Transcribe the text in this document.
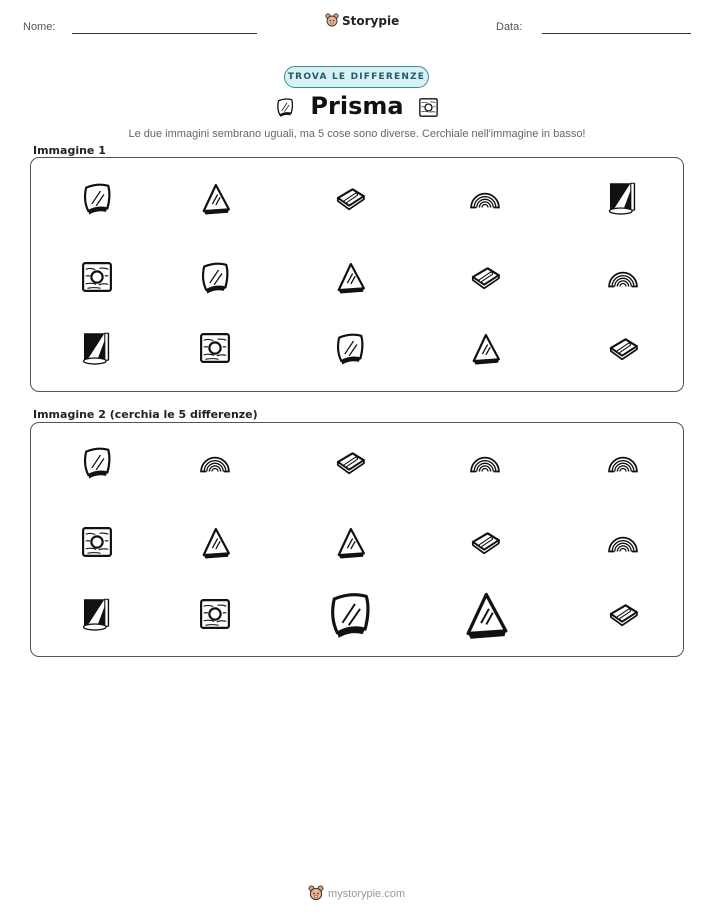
Nome:	Storypie	Data:
TROVA LE DIFFERENZE
Prisma
Le due immagini sembrano uguali, ma 5 cose sono diverse. Cerchiale nell'immagine in basso!
Immagine 1
Immagine 2 (cerchia le 5 differenze)
mystorypie.com
